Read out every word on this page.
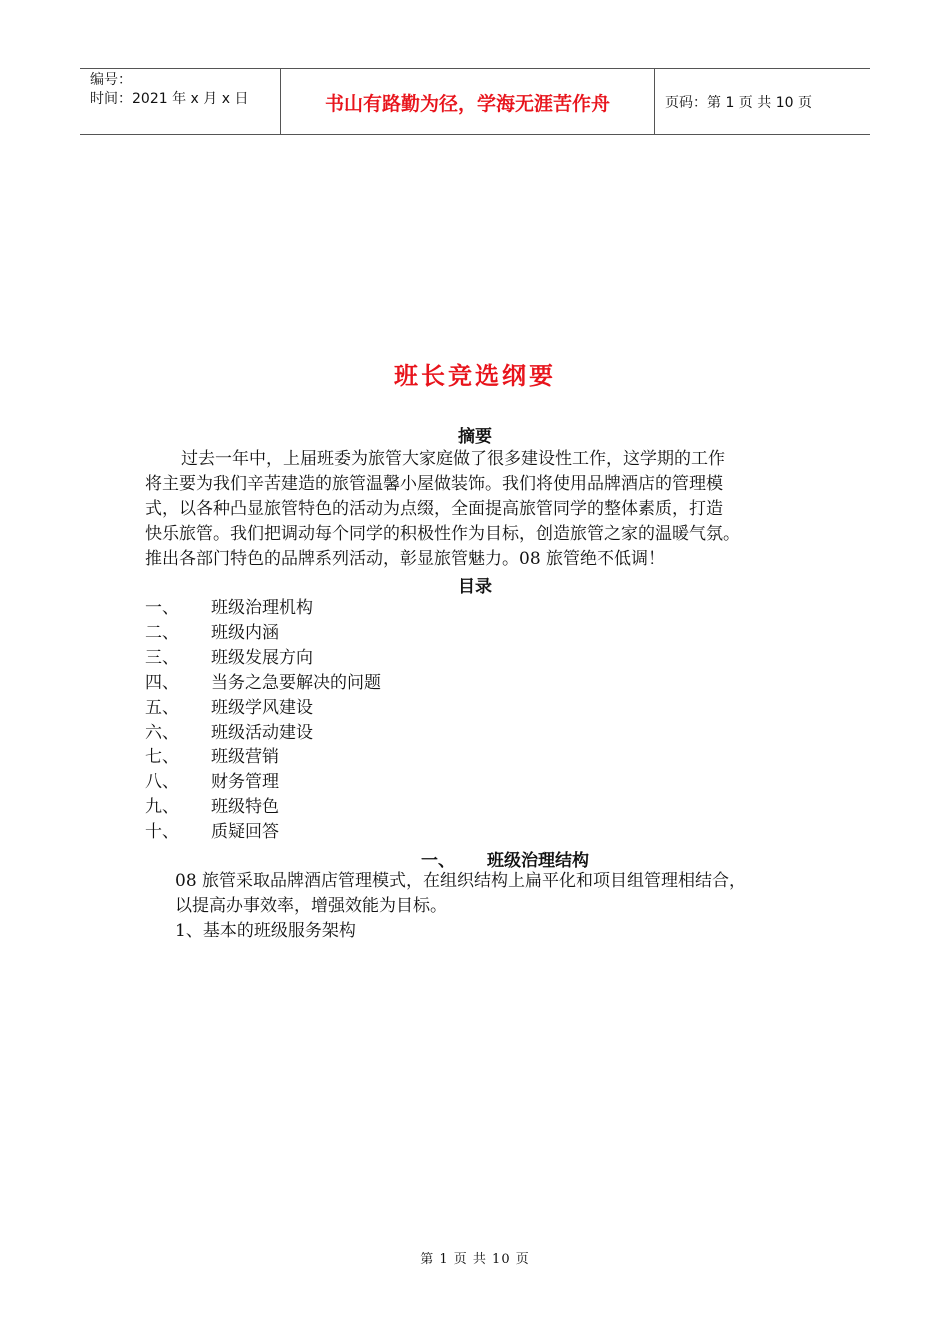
编号：
时间：2021 年 x 月 x 日	书山有路勤为径，学海无涯苦作舟	页码：第 1 页 共 10 页
班长竞选纲要
摘要

过去一年中，上届班委为旅管大家庭做了很多建设性工作，这学期的工作

将主要为我们辛苦建造的旅管温馨小屋做装饰。我们将使用品牌酒店的管理模

式，以各种凸显旅管特色的活动为点缀，全面提高旅管同学的整体素质，打造

快乐旅管。我们把调动每个同学的积极性作为目标，创造旅管之家的温暖气氛。

推出各部门特色的品牌系列活动，彰显旅管魅力。08 旅管绝不低调！

目录
一、	班级治理机构
二、	班级内涵
三、	班级发展方向
四、	当务之急要解决的问题
五、	班级学风建设
六、	班级活动建设
七、	班级营销
八、	财务管理
九、	班级特色
十、	质疑回答
一、 班级治理结构

08 旅管采取品牌酒店管理模式，在组织结构上扁平化和项目组管理相结合，

以提高办事效率，增强效能为目标。

1、基本的班级服务架构

第 1 页 共 10 页
